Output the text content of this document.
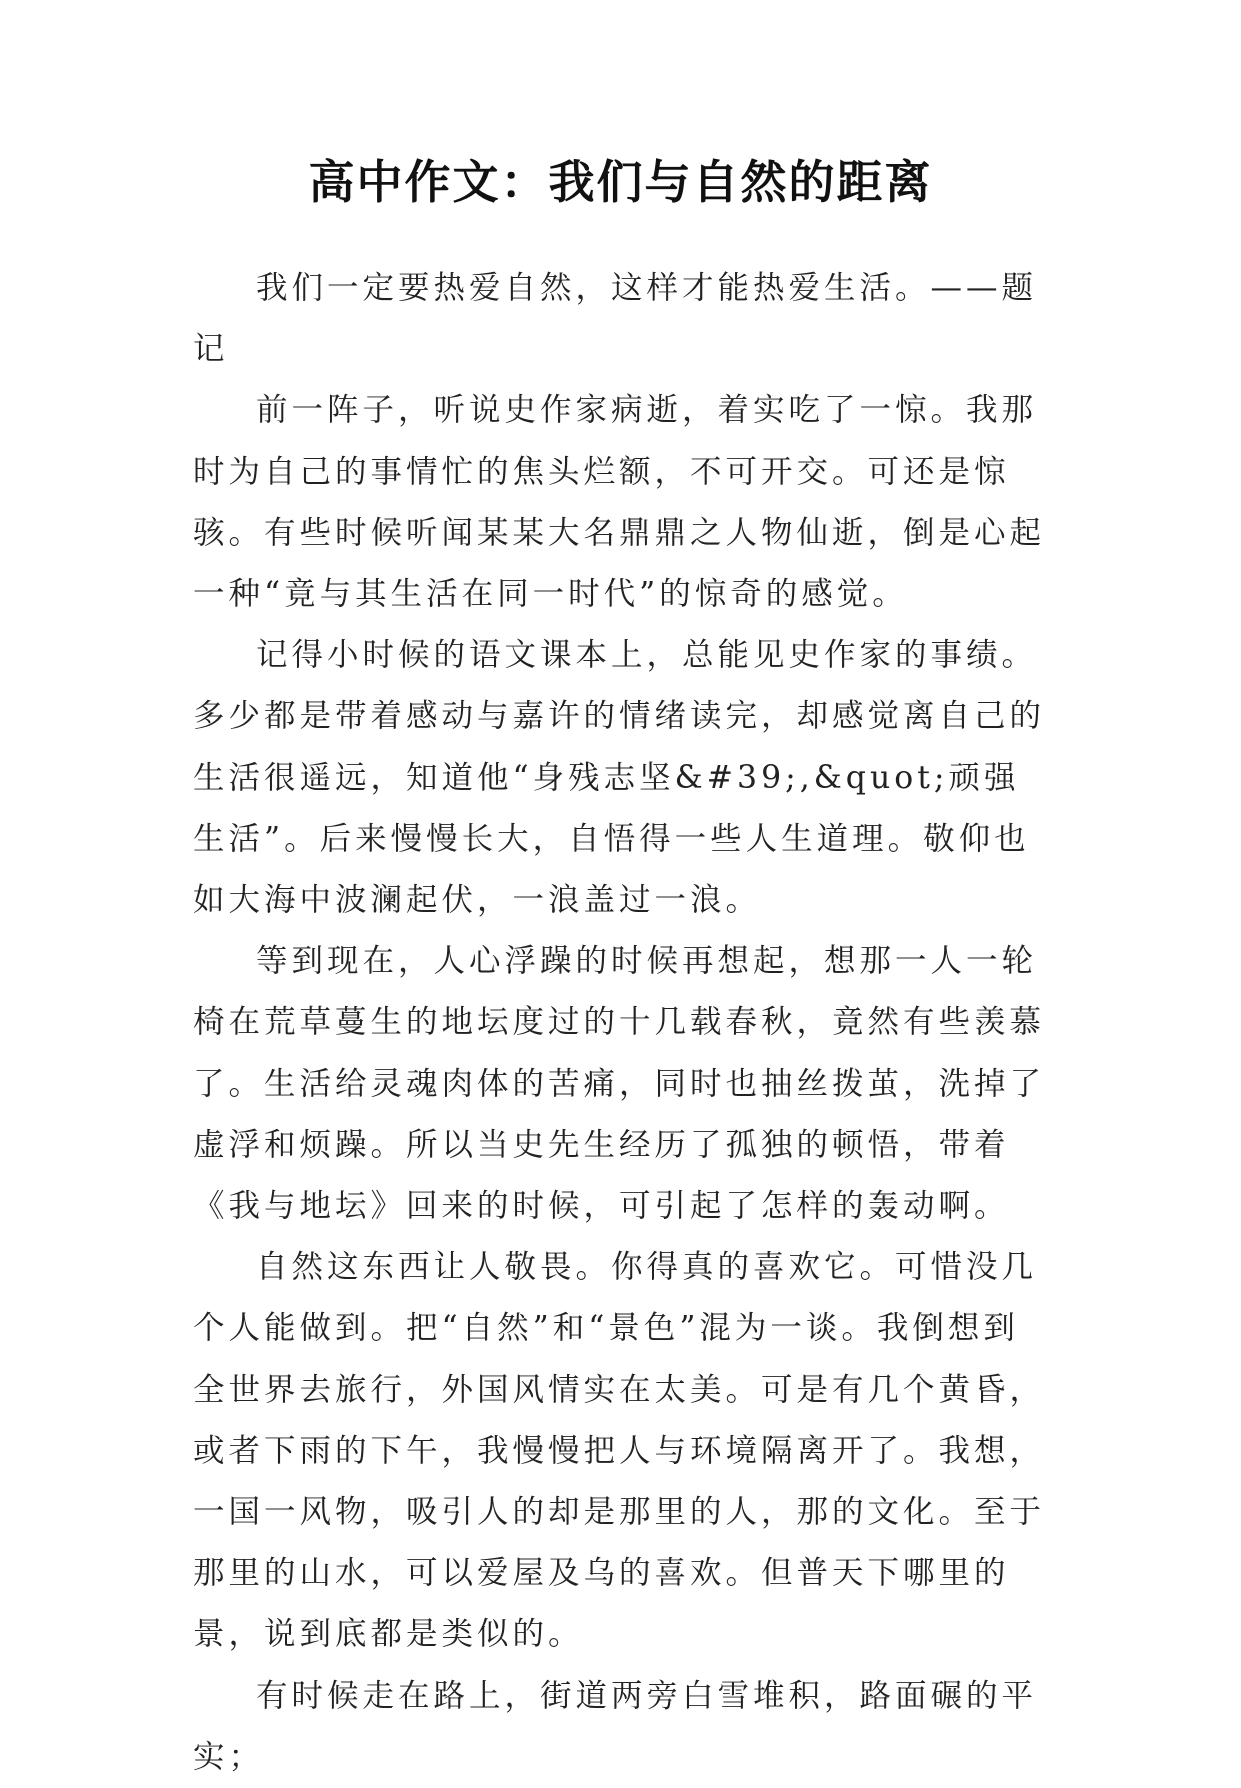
高中作文：我们与自然的距离

我们一定要热爱自然，这样才能热爱生活。——题记

前一阵子，听说史作家病逝，着实吃了一惊。我那时为自己的事情忙的焦头烂额，不可开交。可还是惊骇。有些时候听闻某某大名鼎鼎之人物仙逝，倒是心起一种“竟与其生活在同一时代”的惊奇的感觉。

记得小时候的语文课本上，总能见史作家的事绩。多少都是带着感动与嘉许的情绪读完，却感觉离自己的生活很遥远，知道他“身残志坚&#39;,&quot;顽强生活”。后来慢慢长大，自悟得一些人生道理。敬仰也如大海中波澜起伏，一浪盖过一浪。

等到现在，人心浮躁的时候再想起，想那一人一轮椅在荒草蔓生的地坛度过的十几载春秋，竟然有些羡慕了。生活给灵魂肉体的苦痛，同时也抽丝拨茧，洗掉了虚浮和烦躁。所以当史先生经历了孤独的顿悟，带着《我与地坛》回来的时候，可引起了怎样的轰动啊。

自然这东西让人敬畏。你得真的喜欢它。可惜没几个人能做到。把“自然”和“景色”混为一谈。我倒想到全世界去旅行，外国风情实在太美。可是有几个黄昏，或者下雨的下午，我慢慢把人与环境隔离开了。我想，一国一风物，吸引人的却是那里的人，那的文化。至于那里的山水，可以爱屋及乌的喜欢。但普天下哪里的景，说到底都是类似的。

有时候走在路上，街道两旁白雪堆积，路面碾的平实；
